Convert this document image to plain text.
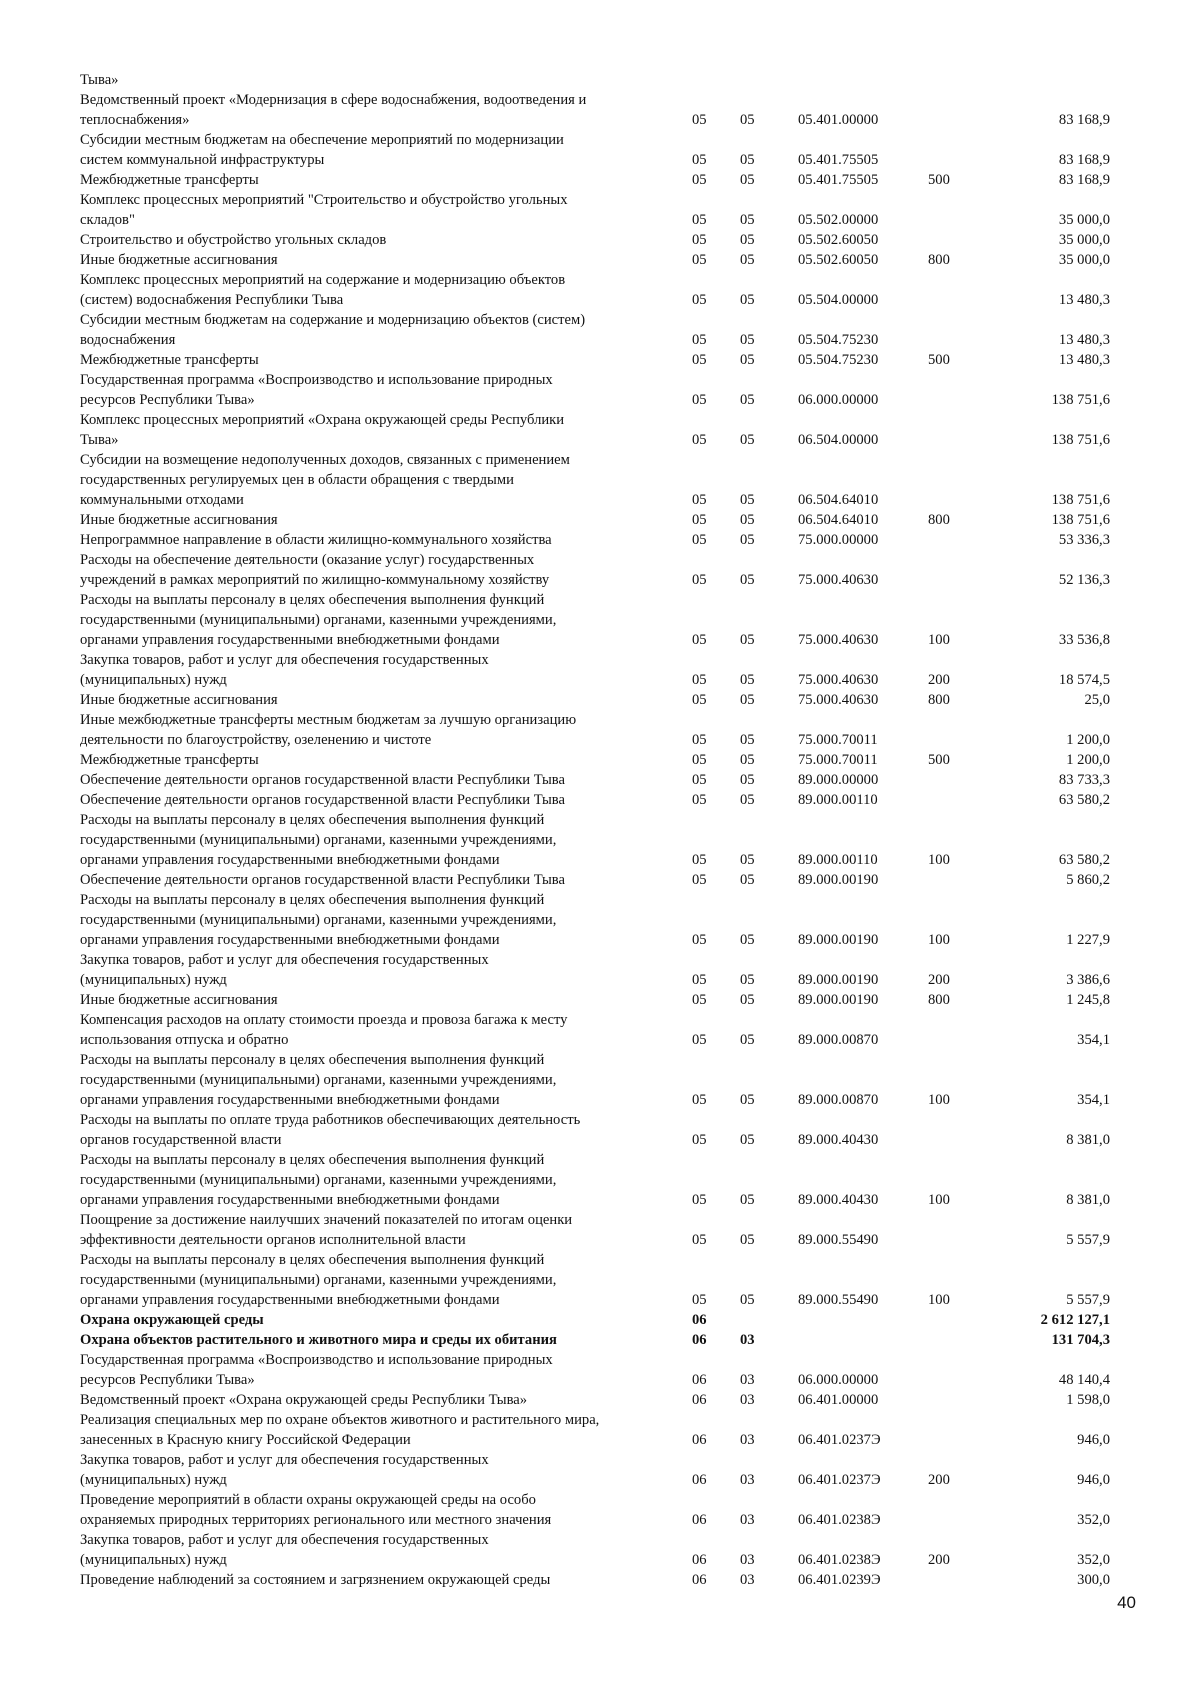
Тыва»					
Ведомственный проект «Модернизация в сфере водоснабжения, водоотведения и
теплоснабжения»	05	05	05.401.00000		83 168,9
Субсидии местным бюджетам на обеспечение мероприятий по модернизации
систем коммунальной инфраструктуры	05	05	05.401.75505		83 168,9
Межбюджетные трансферты	05	05	05.401.75505	500	83 168,9
Комплекс процессных мероприятий "Строительство и обустройство угольных
складов"	05	05	05.502.00000		35 000,0
Строительство и обустройство угольных складов	05	05	05.502.60050		35 000,0
Иные бюджетные ассигнования	05	05	05.502.60050	800	35 000,0
Комплекс процессных мероприятий на содержание и модернизацию объектов
(систем) водоснабжения Республики Тыва	05	05	05.504.00000		13 480,3
Субсидии местным бюджетам на содержание и модернизацию объектов (систем)
водоснабжения	05	05	05.504.75230		13 480,3
Межбюджетные трансферты	05	05	05.504.75230	500	13 480,3
Государственная программа «Воспроизводство и использование природных
ресурсов Республики Тыва»	05	05	06.000.00000		138 751,6
Комплекс процессных мероприятий «Охрана окружающей среды Республики
Тыва»	05	05	06.504.00000		138 751,6
Субсидии на возмещение недополученных доходов, связанных с применением
государственных регулируемых цен в области обращения с твердыми
коммунальными отходами	05	05	06.504.64010		138 751,6
Иные бюджетные ассигнования	05	05	06.504.64010	800	138 751,6
Непрограммное направление в области жилищно-коммунального хозяйства	05	05	75.000.00000		53 336,3
Расходы на обеспечение деятельности (оказание услуг) государственных
учреждений в рамках мероприятий по жилищно-коммунальному хозяйству	05	05	75.000.40630		52 136,3
Расходы на выплаты персоналу в целях обеспечения выполнения функций
государственными (муниципальными) органами, казенными учреждениями,
органами управления государственными внебюджетными фондами	05	05	75.000.40630	100	33 536,8
Закупка товаров, работ и услуг для обеспечения государственных
(муниципальных) нужд	05	05	75.000.40630	200	18 574,5
Иные бюджетные ассигнования	05	05	75.000.40630	800	25,0
Иные межбюджетные трансферты местным бюджетам за лучшую организацию
деятельности по благоустройству, озеленению и чистоте	05	05	75.000.70011		1 200,0
Межбюджетные трансферты	05	05	75.000.70011	500	1 200,0
Обеспечение деятельности органов государственной власти Республики Тыва	05	05	89.000.00000		83 733,3
Обеспечение деятельности органов государственной власти Республики Тыва	05	05	89.000.00110		63 580,2
Расходы на выплаты персоналу в целях обеспечения выполнения функций
государственными (муниципальными) органами, казенными учреждениями,
органами управления государственными внебюджетными фондами	05	05	89.000.00110	100	63 580,2
Обеспечение деятельности органов государственной власти Республики Тыва	05	05	89.000.00190		5 860,2
Расходы на выплаты персоналу в целях обеспечения выполнения функций
государственными (муниципальными) органами, казенными учреждениями,
органами управления государственными внебюджетными фондами	05	05	89.000.00190	100	1 227,9
Закупка товаров, работ и услуг для обеспечения государственных
(муниципальных) нужд	05	05	89.000.00190	200	3 386,6
Иные бюджетные ассигнования	05	05	89.000.00190	800	1 245,8
Компенсация расходов на оплату стоимости проезда и провоза багажа к месту
использования отпуска и обратно	05	05	89.000.00870		354,1
Расходы на выплаты персоналу в целях обеспечения выполнения функций
государственными (муниципальными) органами, казенными учреждениями,
органами управления государственными внебюджетными фондами	05	05	89.000.00870	100	354,1
Расходы на выплаты по оплате труда работников обеспечивающих деятельность
органов государственной власти	05	05	89.000.40430		8 381,0
Расходы на выплаты персоналу в целях обеспечения выполнения функций
государственными (муниципальными) органами, казенными учреждениями,
органами управления государственными внебюджетными фондами	05	05	89.000.40430	100	8 381,0
Поощрение за достижение наилучших значений показателей по итогам оценки
эффективности деятельности органов исполнительной власти	05	05	89.000.55490		5 557,9
Расходы на выплаты персоналу в целях обеспечения выполнения функций
государственными (муниципальными) органами, казенными учреждениями,
органами управления государственными внебюджетными фондами	05	05	89.000.55490	100	5 557,9
Охрана окружающей среды	06				2 612 127,1
Охрана объектов растительного и животного мира и среды их обитания	06	03			131 704,3
Государственная программа «Воспроизводство и использование природных
ресурсов Республики Тыва»	06	03	06.000.00000		48 140,4
Ведомственный проект «Охрана окружающей среды Республики Тыва»	06	03	06.401.00000		1 598,0
Реализация специальных мер по охране объектов животного и растительного мира,
занесенных в Красную книгу Российской Федерации	06	03	06.401.0237Э		946,0
Закупка товаров, работ и услуг для обеспечения государственных
(муниципальных) нужд	06	03	06.401.0237Э	200	946,0
Проведение мероприятий в области охраны окружающей среды на особо
охраняемых природных территориях регионального или местного значения	06	03	06.401.0238Э		352,0
Закупка товаров, работ и услуг для обеспечения государственных
(муниципальных) нужд	06	03	06.401.0238Э	200	352,0
Проведение наблюдений за состоянием и загрязнением окружающей среды	06	03	06.401.0239Э		300,0
40
